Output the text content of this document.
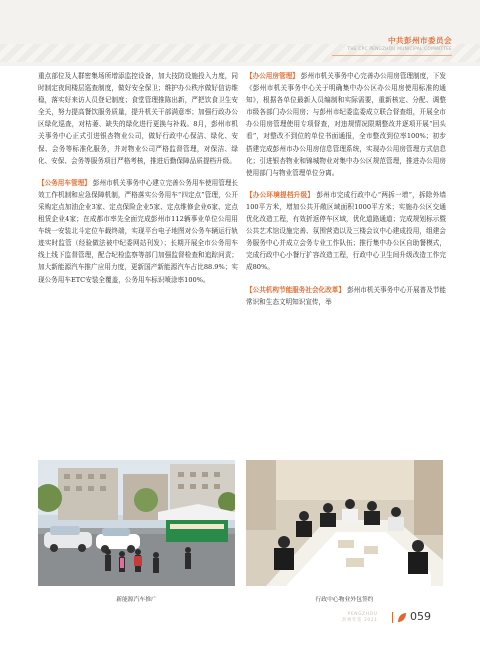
中共彭州市委员会
THE CPC PENGZHOU MUNICIPAL COMMITTEE

重点部位及人群密集场所增添监控设备，加大技防设施投入力度，同时制定夜间楼层巡查制度，做好安全保卫；维护办公秩序做好信访维稳，落实好来访人员登记制度；食堂管理推陈出新，严把饮食卫生安全关，努力提高餐饮服务质量，提升机关干部满意率；加强行政办公区绿化巡查，对枯萎、缺失的绿化进行更换与补栽。8月，彭州市机关事务中心正式引进银杏物业公司，做好行政中心保洁、绿化、安保、会务等标准化服务，并对物业公司严格监督管理，对保洁、绿化、安保、会务等服务项目严格考核，推进后勤保障品质提档升级。

【公务用车管理】 彭州市机关事务中心建立完善公务用车使用管理长效工作机制和应急保障机制，严格落实公务用车“四定点”管理，公开采购定点加油企业3家、定点保险企业5家、定点维修企业6家、定点租赁企业4家；在成都市率先全面完成彭州市112辆事业单位公用用车统一安装北斗定位车载终端，实现平台电子地图对公务车辆运行轨迹实时监管（经验做法被中纪委网站刊发）；长期开展全市公务用车线上线下监督管理，配合纪检监察等部门加强监督检查和追踪问责；加大新能源汽车推广应用力度，更新国产新能源汽车占比88.9%；实现公务用车ETC安装全覆盖，公务用车标识喷涂率100%。

【办公用房管理】 彭州市机关事务中心完善办公用房管理制度，下发《彭州市机关事务中心关于明确集中办公区办公用房使用标准的通知》，根据各单位最新人员编制和实际需要，重新核定、分配、调整市级各部门办公用房；与彭州市纪委监委成立联合督查组，开展全市办公用房管理使用专项督查，对违规情况限期整改并逐项开展“回头看”，对整改不到位的单位书面通报，全市整改到位率100%；初步搭建完成彭州市办公用房信息管理系统，实现办公用房管理方式信息化；引进银杏物业和锦城物业对集中办公区规范管理，推进办公用房使用部门与物业管理单位分离。

【办公环境提档升级】 彭州市完成行政中心“两拆一增”，拆除外墙100平方米，增加公共开敞区域面积1000平方米；实施办公区交通优化改造工程，有效折返停车区域，优化道路通道；完成规划标示暨公共艺术馆设施完善、氛围营造以及三楼会议中心建成投用，组建会务服务中心并成立会务专业工作队伍；推行集中办公区自助餐模式，完成行政中心小餐厅扩容改造工程，行政中心卫生间升级改造工作完成80%。

【公共机构节能服务社会化改革】 彭州市机关事务中心开展普及节能常识和生态文明知识宣传，举

新能源汽车推广	行政中心物业外包签约
PENGZHOU
彭州年鉴 2021	059
